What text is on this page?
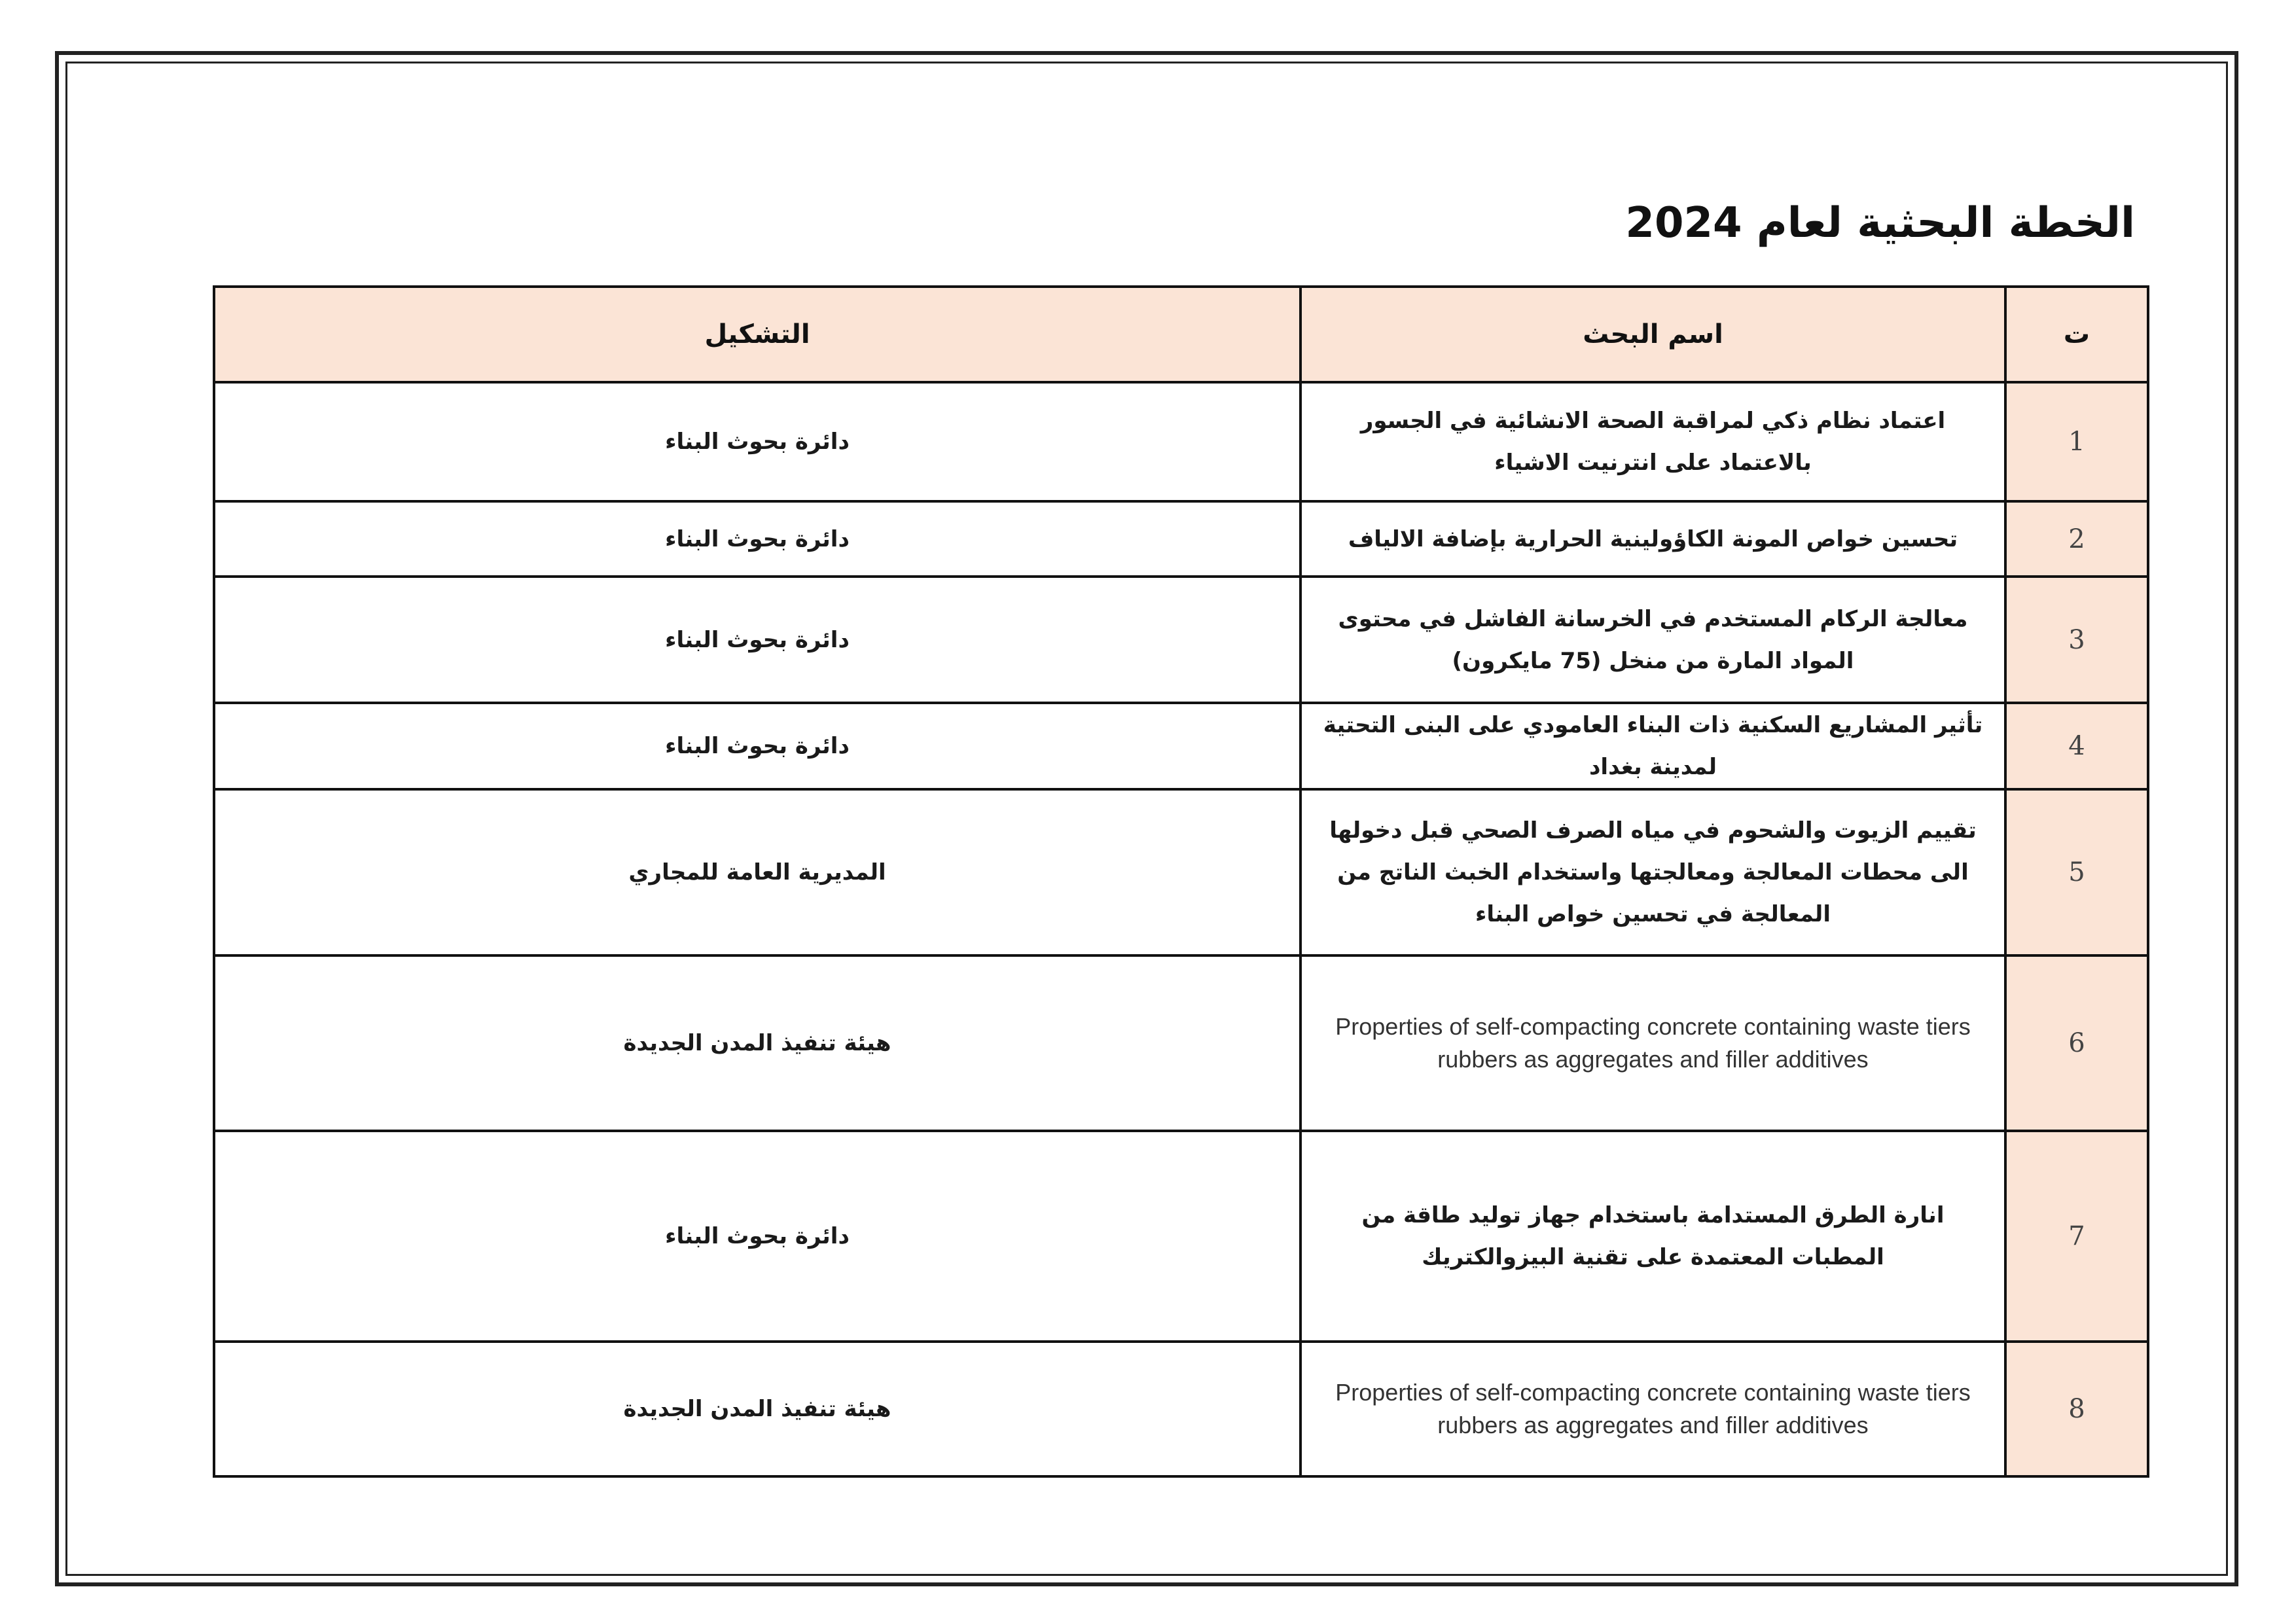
الخطة البحثية لعام 2024
ت	اسم البحث	التشكيل
1	اعتماد نظام ذكي لمراقبة الصحة الانشائية في الجسور بالاعتماد على انترنيت الاشياء	دائرة بحوث البناء
2	تحسين خواص المونة الكاؤولينية الحرارية بإضافة الالياف	دائرة بحوث البناء
3	معالجة الركام المستخدم في الخرسانة الفاشل في محتوى المواد المارة من منخل (75 مايكرون)	دائرة بحوث البناء
4	تأثير المشاريع السكنية ذات البناء العامودي على البنى التحتية لمدينة بغداد	دائرة بحوث البناء
5	تقييم الزيوت والشحوم في مياه الصرف الصحي قبل دخولها الى محطات المعالجة ومعالجتها واستخدام الخبث الناتج من المعالجة في تحسين خواص البناء	المديرية العامة للمجاري
6	Properties of self-compacting concrete containing waste tiers rubbers as aggregates and filler additives	هيئة تنفيذ المدن الجديدة
7	انارة الطرق المستدامة باستخدام جهاز توليد طاقة من المطبات المعتمدة على تقنية البيزوالكتريك	دائرة بحوث البناء
8	Properties of self-compacting concrete containing waste tiers rubbers as aggregates and filler additives	هيئة تنفيذ المدن الجديدة
